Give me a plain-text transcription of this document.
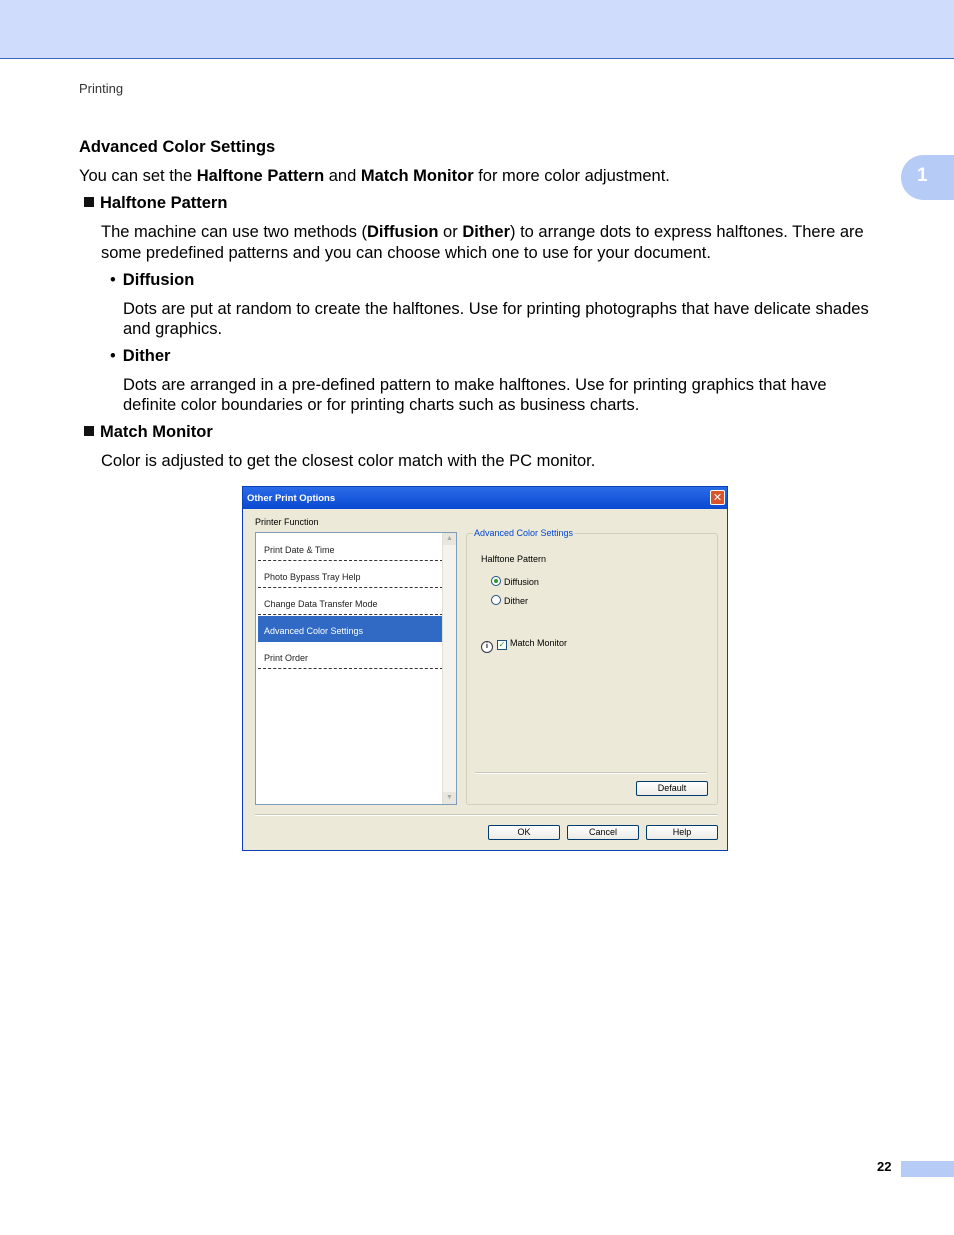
Printing
1
Advanced Color Settings
You can set the Halftone Pattern and Match Monitor for more color adjustment.
Halftone Pattern
The machine can use two methods (Diffusion or Dither) to arrange dots to express halftones. There are
some predefined patterns and you can choose which one to use for your document.
• Diffusion
Dots are put at random to create the halftones. Use for printing photographs that have delicate shades
and graphics.
• Dither
Dots are arranged in a pre-defined pattern to make halftones. Use for printing graphics that have
definite color boundaries or for printing charts such as business charts.
Match Monitor
Color is adjusted to get the closest color match with the PC monitor.
Other Print Options	✕
Printer Function
Print Date & Time
Photo Bypass Tray Help
Change Data Transfer Mode
Advanced Color Settings
Print Order
▲
▼
Advanced Color Settings
Halftone Pattern
Diffusion
Dither
i ✓ Match Monitor
Default
OK	Cancel	Help
22
